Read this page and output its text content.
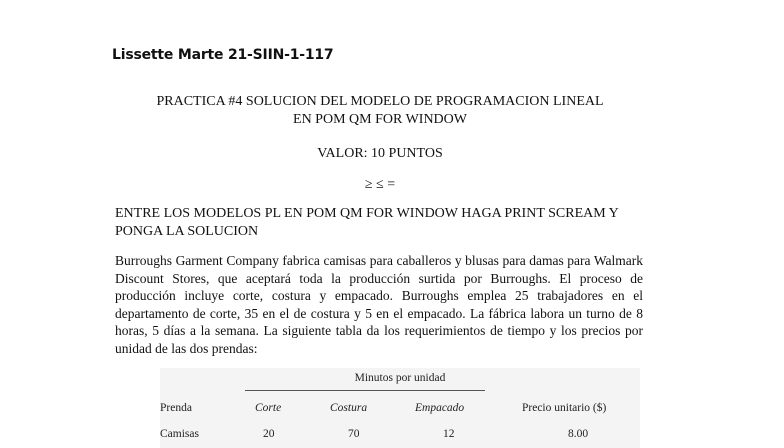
Lissette Marte 21-SIIN-1-117
PRACTICA #4 SOLUCION DEL MODELO DE PROGRAMACION LINEAL
EN POM QM FOR WINDOW
VALOR: 10 PUNTOS
≥ ≤ =
ENTRE LOS MODELOS PL EN POM QM FOR WINDOW HAGA PRINT SCREAM Y PONGA LA SOLUCION
Burroughs Garment Company fabrica camisas para caballeros y blusas para damas para Walmark Discount Stores, que aceptará toda la producción surtida por Burroughs. El proceso de producción incluye corte, costura y empacado. Burroughs emplea 25 trabajadores en el departamento de corte, 35 en el de costura y 5 en el empacado. La fábrica labora un turno de 8 horas, 5 días a la semana. La siguiente tabla da los requerimientos de tiempo y los precios por unidad de las dos prendas:
Minutos por unidad
Prenda	Corte	Costura	Empacado	Precio unitario ($)
Camisas	20	70	12	8.00
